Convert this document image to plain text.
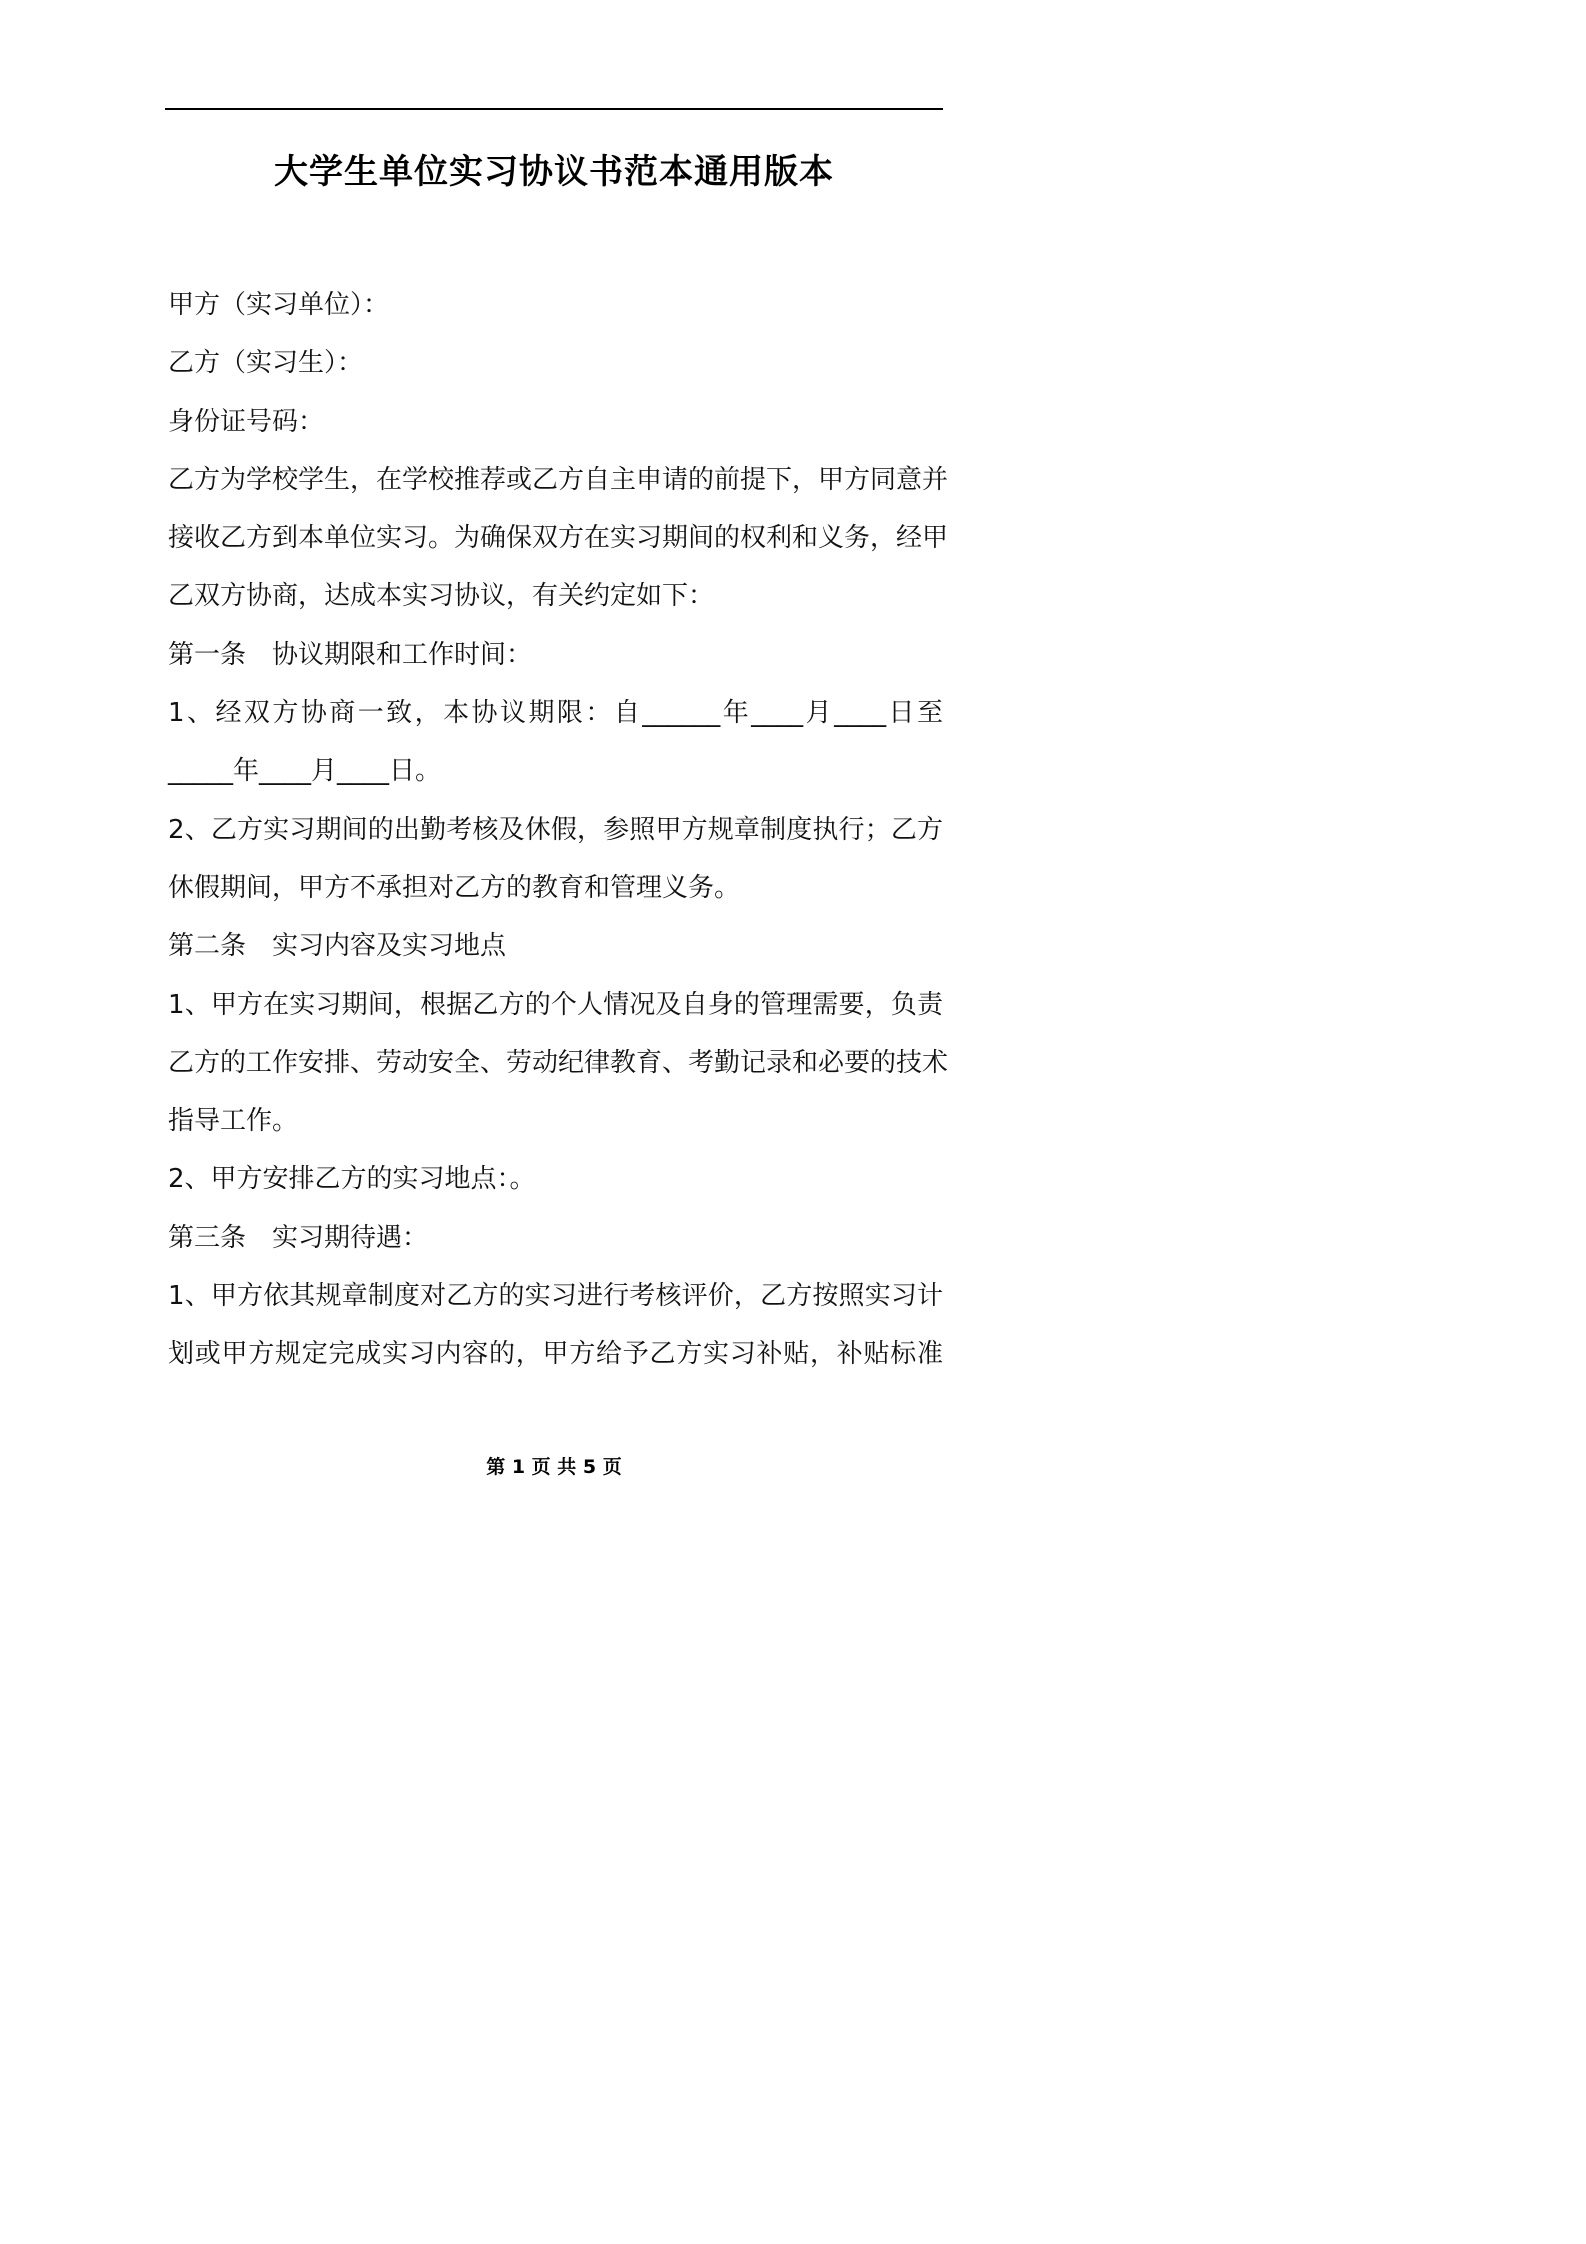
大学生单位实习协议书范本通用版本
甲方（实习单位）：
乙方（实习生）：
身份证号码：
乙方为学校学生，在学校推荐或乙方自主申请的前提下，甲方同意并
接收乙方到本单位实习。为确保双方在实习期间的权利和义务，经甲
乙双方协商，达成本实习协议，有关约定如下：
第一条 协议期限和工作时间：
1、经双方协商一致，本协议期限：自______年____月____日至
_____年____月____日。
2、乙方实习期间的出勤考核及休假，参照甲方规章制度执行；乙方
休假期间，甲方不承担对乙方的教育和管理义务。
第二条 实习内容及实习地点
1、甲方在实习期间，根据乙方的个人情况及自身的管理需要，负责
乙方的工作安排、劳动安全、劳动纪律教育、考勤记录和必要的技术
指导工作。
2、甲方安排乙方的实习地点：。
第三条 实习期待遇：
1、甲方依其规章制度对乙方的实习进行考核评价，乙方按照实习计
划或甲方规定完成实习内容的，甲方给予乙方实习补贴，补贴标准
第 1 页 共 5 页
